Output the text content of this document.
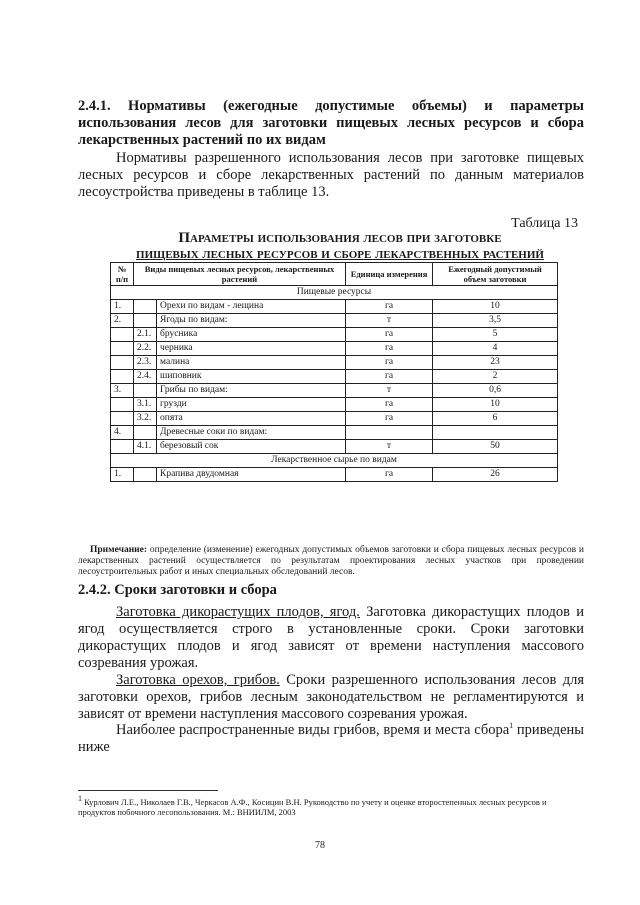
2.4.1. Нормативы (ежегодные допустимые объемы) и параметры использования лесов для заготовки пищевых лесных ресурсов и сбора лекарственных растений по их видам
Нормативы разрешенного использования лесов при заготовке пищевых лесных ресурсов и сборе лекарственных растений по данным материалов лесоустройства приведены в таблице 13.
Таблица 13
Параметры использования лесов при заготовке
пищевых лесных ресурсов и сборе лекарственных растений
№ п/п	Виды пищевых лесных ресурсов, лекарственных растений		Единица измерения	Ежегодный допустимый объем заготовки
Пищевые ресурсы				
1.		Орехи по видам - лещина	га	10
2.		Ягоды по видам:	т	3,5
	2.1.	брусника	га	5
	2.2.	черника	га	4
	2.3.	малина	га	23
	2.4.	шиповник	га	2
3.		Грибы по видам:	т	0,6
	3.1.	грузди	га	10
	3.2.	опята	га	6
4.		Древесные соки по видам:		
	4.1.	березовый сок	т	50
Лекарственное сырье по видам				
1.		Крапива двудомная	га	26
Примечание: определение (изменение) ежегодных допустимых объемов заготовки и сбора пищевых лесных ресурсов и лекарственных растений осуществляется по результатам проектирования лесных участков при проведении лесоустроительных работ и иных специальных обследований лесов.
2.4.2. Сроки заготовки и сбора
Заготовка дикорастущих плодов, ягод. Заготовка дикорастущих плодов и ягод осуществляется строго в установленные сроки. Сроки заготовки дикорастущих плодов и ягод зависят от времени наступления массового созревания урожая.
Заготовка орехов, грибов. Сроки разрешенного использования лесов для заготовки орехов, грибов лесным законодательством не регламентируются и зависят от времени наступления массового созревания урожая.
Наиболее распространенные виды грибов, время и места сбора$^1$ приведены ниже
$^1$ Курлович Л.Е., Николаев Г.В., Черкасов А.Ф., Косицин В.Н. Руководство по учету и оценке второстепенных лесных ресурсов и продуктов побочного лесопользования. М.: ВНИИЛМ, 2003
78
